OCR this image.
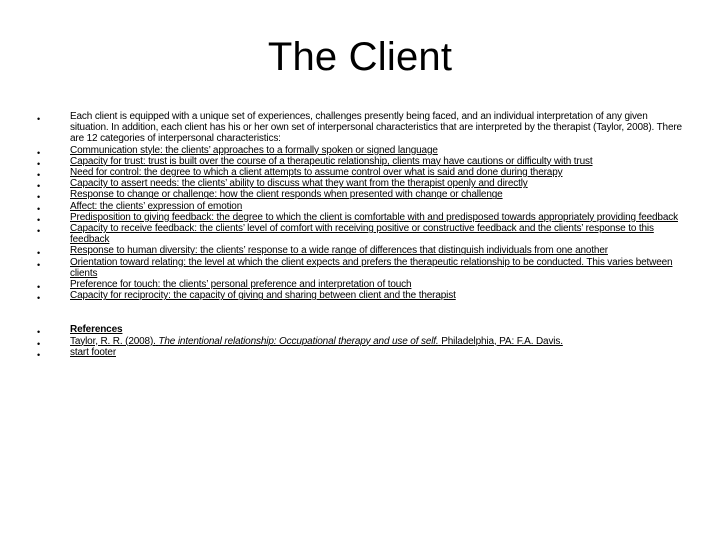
The Client
•	Each client is equipped with a unique set of experiences, challenges presently being faced, and an individual interpretation of any given situation. In addition, each client has his or her own set of interpersonal characteristics that are interpreted by the therapist (Taylor, 2008). There are 12 categories of interpersonal characteristics:
•	Communication style: the clients’ approaches to a formally spoken or signed language
•	Capacity for trust: trust is built over the course of a therapeutic relationship, clients may have cautions or difficulty with trust
•	Need for control: the degree to which a client attempts to assume control over what is said and done during therapy
•	Capacity to assert needs: the clients’ ability to discuss what they want from the therapist openly and directly
•	Response to change or challenge: how the client responds when presented with change or challenge
•	Affect: the clients’ expression of emotion
•	Predisposition to giving feedback: the degree to which the client is comfortable with and predisposed towards appropriately providing feedback
•	Capacity to receive feedback: the clients’ level of comfort with receiving positive or constructive feedback and the clients’ response to this feedback
•	Response to human diversity: the clients’ response to a wide range of differences that distinguish individuals from one another
•	Orientation toward relating: the level at which the client expects and prefers the therapeutic relationship to be conducted. This varies between clients
•	Preference for touch: the clients’ personal preference and interpretation of touch
•	Capacity for reciprocity: the capacity of giving and sharing between client and the therapist
•	References
•	Taylor, R. R. (2008). The intentional relationship: Occupational therapy and use of self. Philadelphia, PA: F.A. Davis.
•	start footer
